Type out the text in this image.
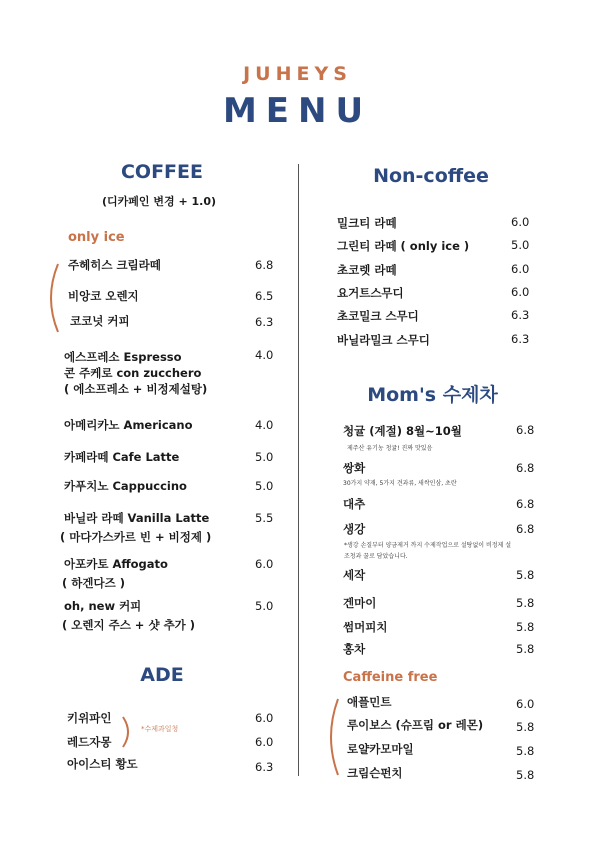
JUHEYS
MENU
COFFEE
(디카페인 변경 + 1.0)
only ice
주헤히스 크림라떼	6.8
비앙코 오렌지	6.5
코코넛 커피	6.3
에스프레소 Espresso
콘 주케로 con zucchero
( 에소프레소 + 비정제설탕)
4.0
아메리카노 Americano	4.0
카페라떼 Cafe Latte	5.0
카푸치노 Cappuccino	5.0
바닐라 라떼 Vanilla Latte
( 마다가스카르 빈 + 비정제 )
5.5
아포카토 Affogato
( 하겐다즈 )
6.0
oh, new 커피
( 오렌지 주스 + 샷 추가 )
5.0
ADE
키위파인	6.0
레드자몽	6.0
아이스티 황도	6.3
*수제과일청
Non-coffee
밀크티 라떼	6.0
그린티 라떼 ( only ice )	5.0
초코렛 라떼	6.0
요거트스무디	6.0
초코밀크 스무디	6.3
바닐라밀크 스무디	6.3
Mom's 수제차
청귤 (계절) 8월~10월	6.8
제주산 유기농 청귤! 진짜 맛있음
쌍화	6.8
30가지 약재, 5가지 견과류, 새싹인삼, 초란
대추	6.8
생강	6.8
*생강 손질부터 양금제거 까지 수제작업으로 설탕없이 비정제 설
조청과 꿀로 담았습니다.
세작	5.8
겐마이	5.8
썸머피치	5.8
홍차	5.8
Caffeine free
애플민트	6.0
루이보스 (슈프림 or 레몬)	5.8
로얄카모마일	5.8
크림슨펀치	5.8
